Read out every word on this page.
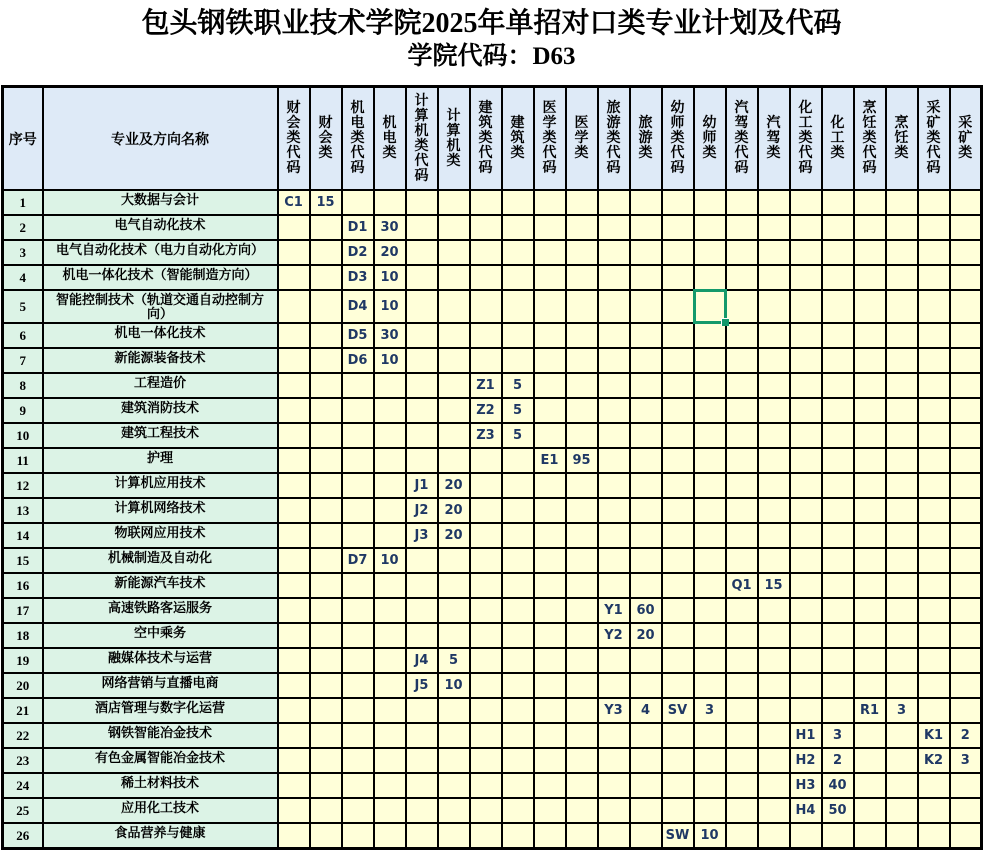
包头钢铁职业技术学院2025年单招对口类专业计划及代码
学院代码：D63
序号	专业及方向名称	财会类代码	财会类	机电类代码	机电类	计算机类代码	计算机类	建筑类代码	建筑类	医学类代码	医学类	旅游类代码	旅游类	幼师类代码	幼师类	汽驾类代码	汽驾类	化工类代码	化工类	烹饪类代码	烹饪类	采矿类代码	采矿类

1	大数据与会计	C1	15																				
2	电气自动化技术			D1	30																		
3	电气自动化技术（电力自动化方向）			D2	20																		
4	机电一体化技术（智能制造方向）			D3	10																		
5	智能控制技术（轨道交通自动控制方向）			D4	10										

6	机电一体化技术			D5	30																		
7	新能源装备技术			D6	10																		
8	工程造价							Z1	5														
9	建筑消防技术							Z2	5														
10	建筑工程技术							Z3	5														
11	护理									E1	95												
12	计算机应用技术					J1	20																
13	计算机网络技术					J2	20																
14	物联网应用技术					J3	20																
15	机械制造及自动化			D7	10																		
16	新能源汽车技术															Q1	15						
17	高速铁路客运服务											Y1	60										
18	空中乘务											Y2	20										
19	融媒体技术与运营					J4	5																
20	网络营销与直播电商					J5	10																
21	酒店管理与数字化运营											Y3	4	SV	3					R1	3		
22	钢铁智能冶金技术																	H1	3			K1	2
23	有色金属智能冶金技术																	H2	2			K2	3
24	稀土材料技术																	H3	40				
25	应用化工技术																	H4	50				
26	食品营养与健康													SW	10								
